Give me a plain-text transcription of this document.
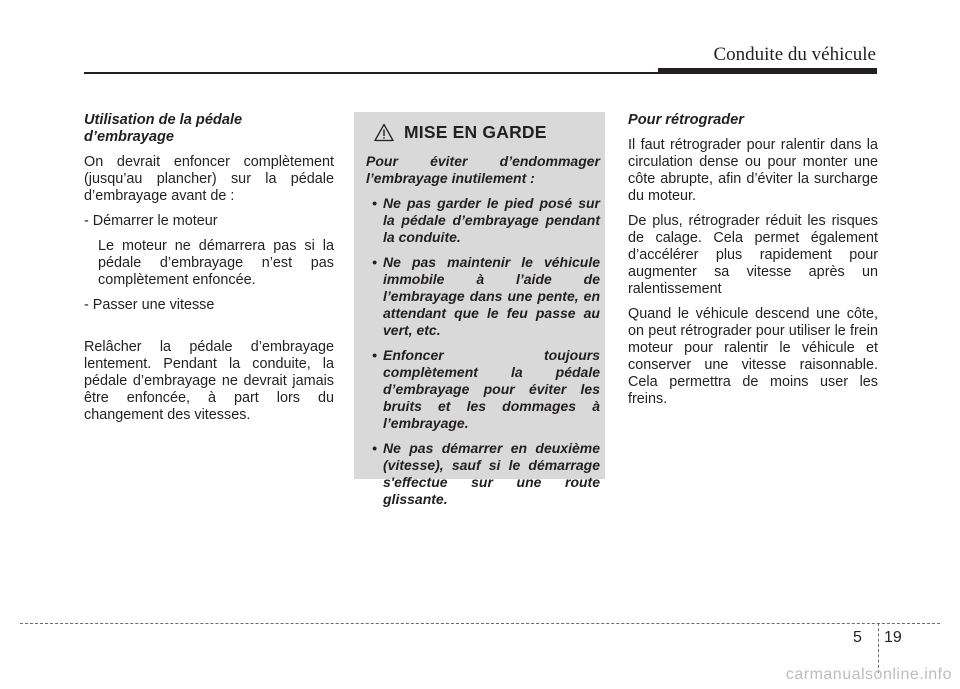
Conduite du véhicule
Utilisation de la pédale d’embrayage

On devrait enfoncer complètement (jusqu’au plancher) sur la pédale d’embrayage avant de :

- Démarrer le moteur

Le moteur ne démarrera pas si la pédale d’embrayage n’est pas complètement enfoncée.

- Passer une vitesse

Relâcher la pédale d’embrayage lentement. Pendant la conduite, la pédale d’embrayage ne devrait jamais être enfoncée, à part lors du changement des vitesses.

MISE EN GARDE

Pour éviter d’endommager l’embrayage inutilement :

• Ne pas garder le pied posé sur la pédale d’embrayage pendant la conduite.
• Ne pas maintenir le véhicule immobile à l’aide de l’embrayage dans une pente, en attendant que le feu passe au vert, etc.
• Enfoncer toujours complètement la pédale d’embrayage pour éviter les bruits et les dommages à l’embrayage.
• Ne pas démarrer en deuxième (vitesse), sauf si le démarrage s'effectue sur une route glissante.
Pour rétrograder

Il faut rétrograder pour ralentir dans la circulation dense ou pour monter une côte abrupte, afin d’éviter la surcharge du moteur.

De plus, rétrograder réduit les risques de calage. Cela permet également d’accélérer plus rapidement pour augmenter sa vitesse après un ralentissement

Quand le véhicule descend une côte, on peut rétrograder pour utiliser le frein moteur pour ralentir le véhicule et conserver une vitesse raisonnable. Cela permettra de moins user les freins.

5 19
carmanualsonline.info
